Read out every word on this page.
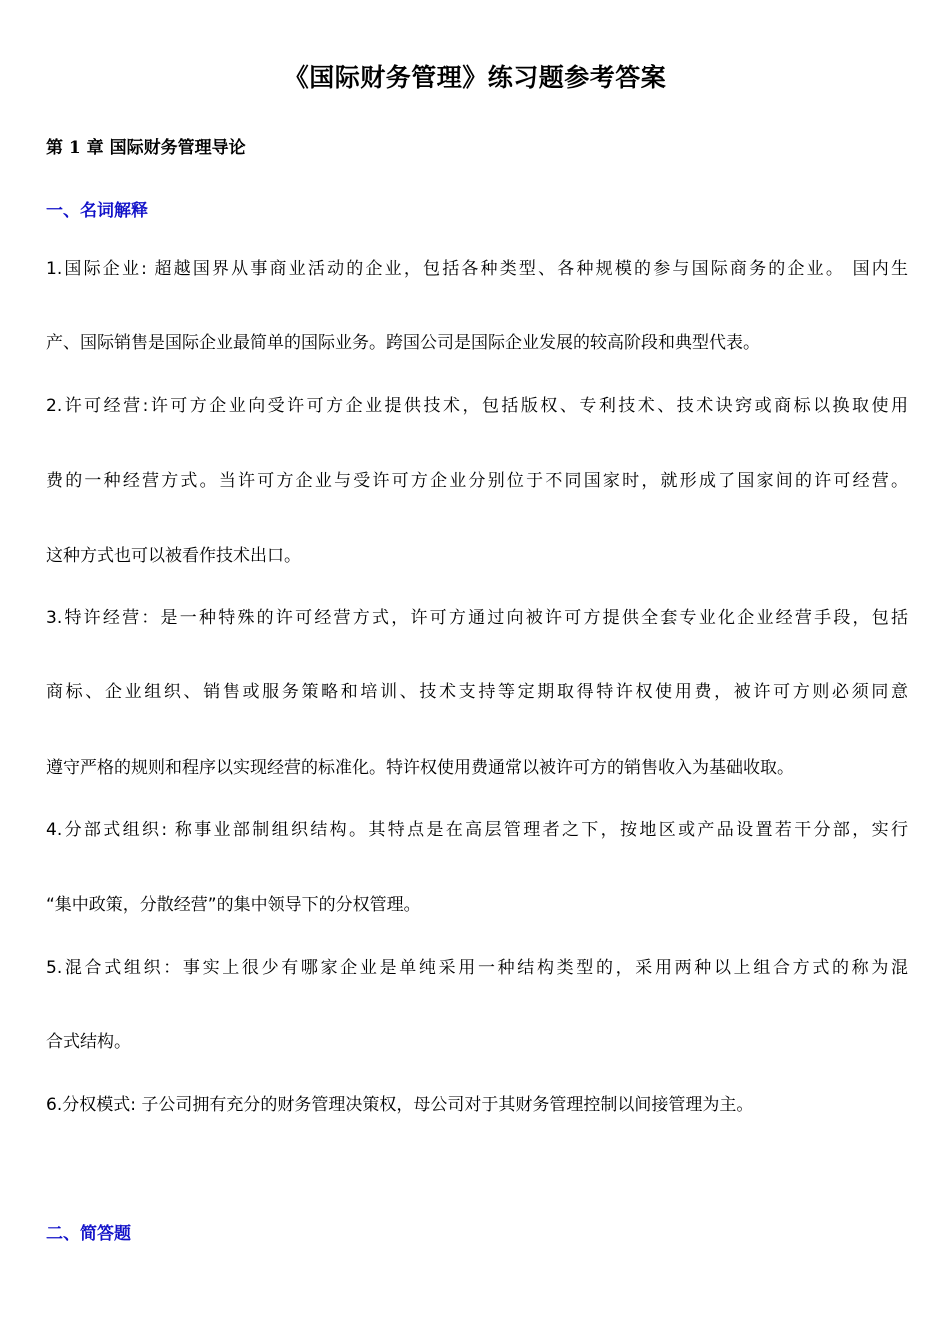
《国际财务管理》练习题参考答案
第 1 章 国际财务管理导论
一、名词解释
1.国际企业: 超越国界从事商业活动的企业，包括各种类型、各种规模的参与国际商务的企业。 国内生
产、国际销售是国际企业最简单的国际业务。跨国公司是国际企业发展的较高阶段和典型代表。
2.许可经营:许可方企业向受许可方企业提供技术，包括版权、专利技术、技术诀窍或商标以换取使用
费的一种经营方式。当许可方企业与受许可方企业分别位于不同国家时，就形成了国家间的许可经营。
这种方式也可以被看作技术出口。
3.特许经营：是一种特殊的许可经营方式，许可方通过向被许可方提供全套专业化企业经营手段，包括
商标、企业组织、销售或服务策略和培训、技术支持等定期取得特许权使用费，被许可方则必须同意
遵守严格的规则和程序以实现经营的标准化。特许权使用费通常以被许可方的销售收入为基础收取。
4.分部式组织: 称事业部制组织结构。其特点是在高层管理者之下，按地区或产品设置若干分部，实行
“集中政策，分散经营”的集中领导下的分权管理。
5.混合式组织：事实上很少有哪家企业是单纯采用一种结构类型的，采用两种以上组合方式的称为混
合式结构。
6.分权模式: 子公司拥有充分的财务管理决策权，母公司对于其财务管理控制以间接管理为主。
二、简答题
